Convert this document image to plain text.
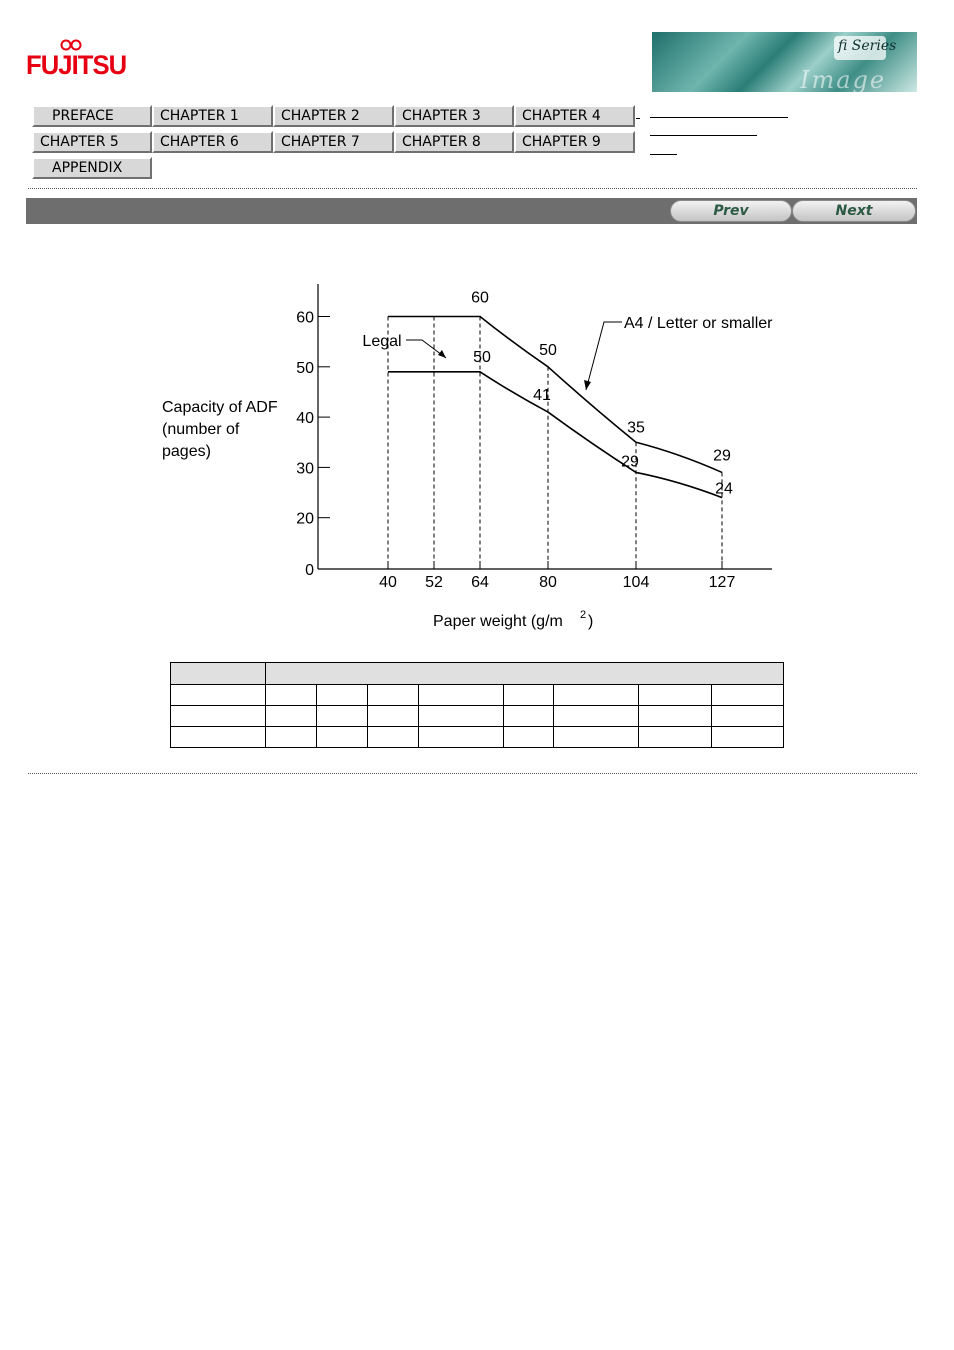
FUJITSU
fi Series
Image Scanner
PREFACE	CHAPTER 1	CHAPTER 2	CHAPTER 3	CHAPTER 4
CHAPTER 5	CHAPTER 6	CHAPTER 7	CHAPTER 8	CHAPTER 9
APPENDIX
Prev	Next
0
20
30
40
50
60
40 52 64	80	104	127
60
50
35
29
50
41
29
24
Legal
A4 / Letter or smaller
Capacity of ADF
(number of
pages)
Paper weight (g/m 2 )
